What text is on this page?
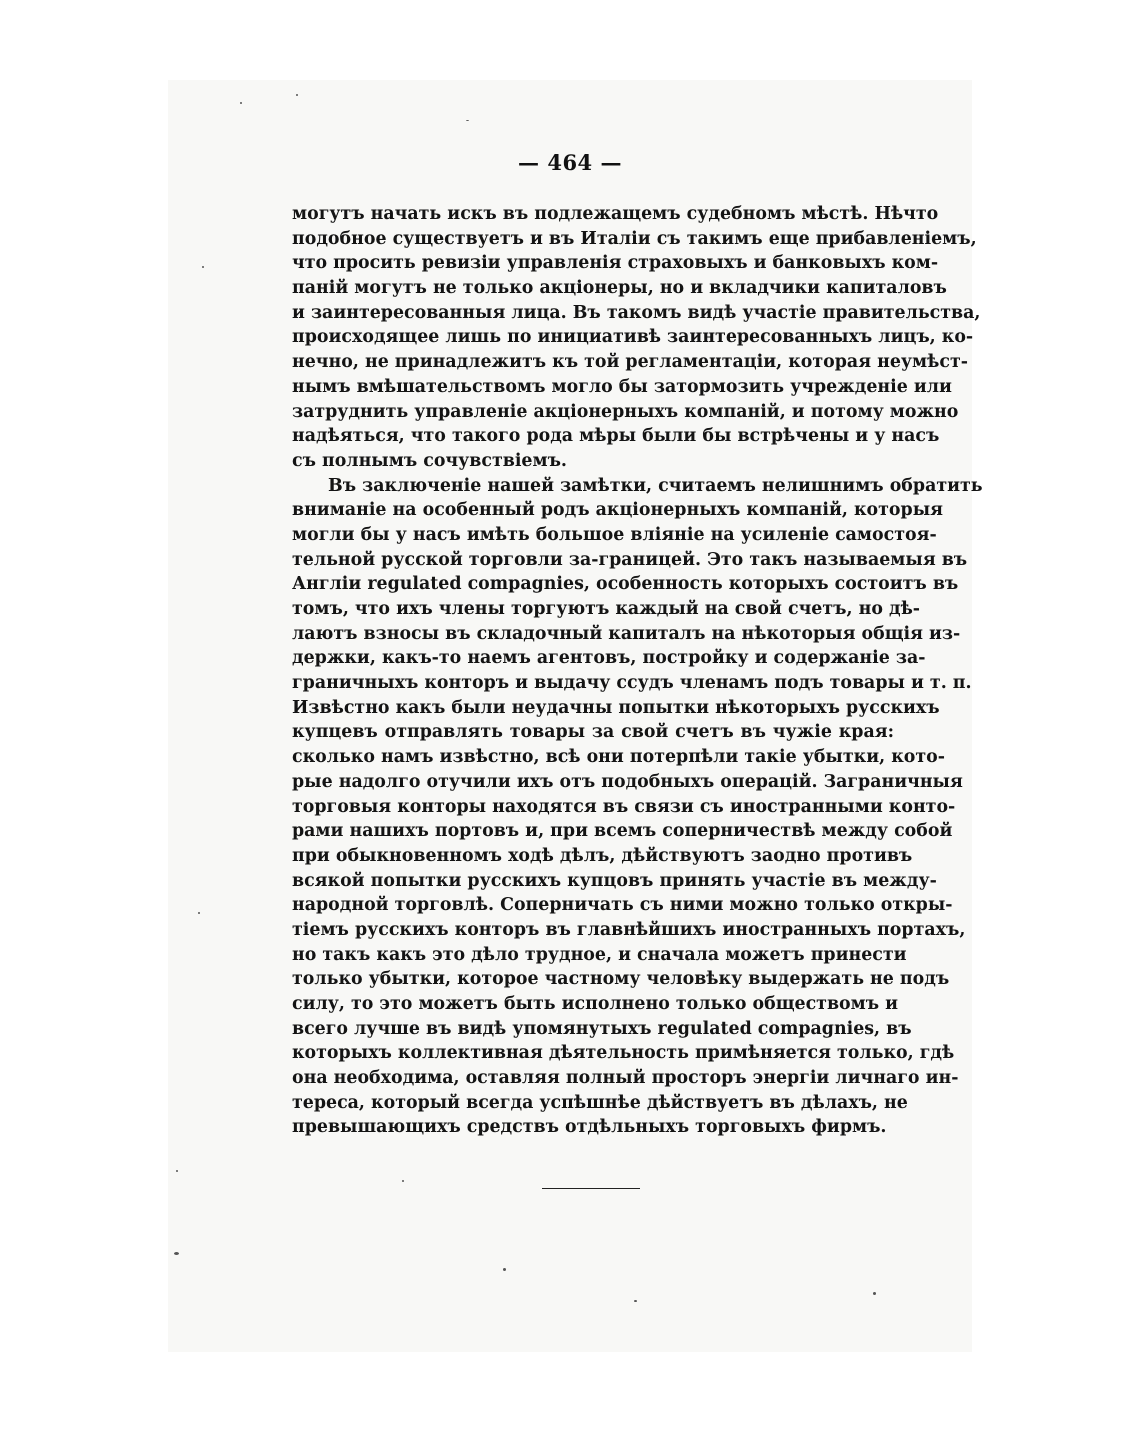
— 464 —
могутъ начать искъ въ подлежащемъ судебномъ мѣстѣ. Нѣчто
подобное существуетъ и въ Италіи съ такимъ еще прибавленіемъ,
что просить ревизіи управленія страховыхъ и банковыхъ ком-
паній могутъ не только акціонеры, но и вкладчики капиталовъ
и заинтересованныя лица. Въ такомъ видѣ участіе правительства,
происходящее лишь по инициативѣ заинтересованныхъ лицъ, ко-
нечно, не принадлежитъ къ той регламентаціи, которая неумѣст-
нымъ вмѣшательствомъ могло бы затормозить учрежденіе или
затруднить управленіе акціонерныхъ компаній, и потому можно
надѣяться, что такого рода мѣры были бы встрѣчены и у насъ
съ полнымъ сочувствіемъ.
Въ заключеніе нашей замѣтки, считаемъ нелишнимъ обратить
вниманіе на особенный родъ акціонерныхъ компаній, которыя
могли бы у насъ имѣть большое вліяніе на усиленіе самостоя-
тельной русской торговли за-границей. Это такъ называемыя въ
Англіи regulated compagnies, особенность которыхъ состоитъ въ
томъ, что ихъ члены торгуютъ каждый на свой счетъ, но дѣ-
лаютъ взносы въ складочный капиталъ на нѣкоторыя общія из-
держки, какъ-то наемъ агентовъ, постройку и содержаніе за-
граничныхъ конторъ и выдачу ссудъ членамъ подъ товары и т. п.
Извѣстно какъ были неудачны попытки нѣкоторыхъ русскихъ
купцевъ отправлять товары за свой счетъ въ чужіе края:
сколько намъ извѣстно, всѣ они потерпѣли такіе убытки, кото-
рые надолго отучили ихъ отъ подобныхъ операцій. Заграничныя
торговыя конторы находятся въ связи съ иностранными конто-
рами нашихъ портовъ и, при всемъ соперничествѣ между собой
при обыкновенномъ ходѣ дѣлъ, дѣйствуютъ заодно противъ
всякой попытки русскихъ купцовъ принять участіе въ между-
народной торговлѣ. Соперничать съ ними можно только откры-
тіемъ русскихъ конторъ въ главнѣйшихъ иностранныхъ портахъ,
но такъ какъ это дѣло трудное, и сначала можетъ принести
только убытки, которое частному человѣку выдержать не подъ
силу, то это можетъ быть исполнено только обществомъ и
всего лучше въ видѣ упомянутыхъ regulated compagnies, въ
которыхъ коллективная дѣятельность примѣняется только, гдѣ
она необходима, оставляя полный просторъ энергіи личнаго ин-
тереса, который всегда успѣшнѣе дѣйствуетъ въ дѣлахъ, не
превышающихъ средствъ отдѣльныхъ торговыхъ фирмъ.
